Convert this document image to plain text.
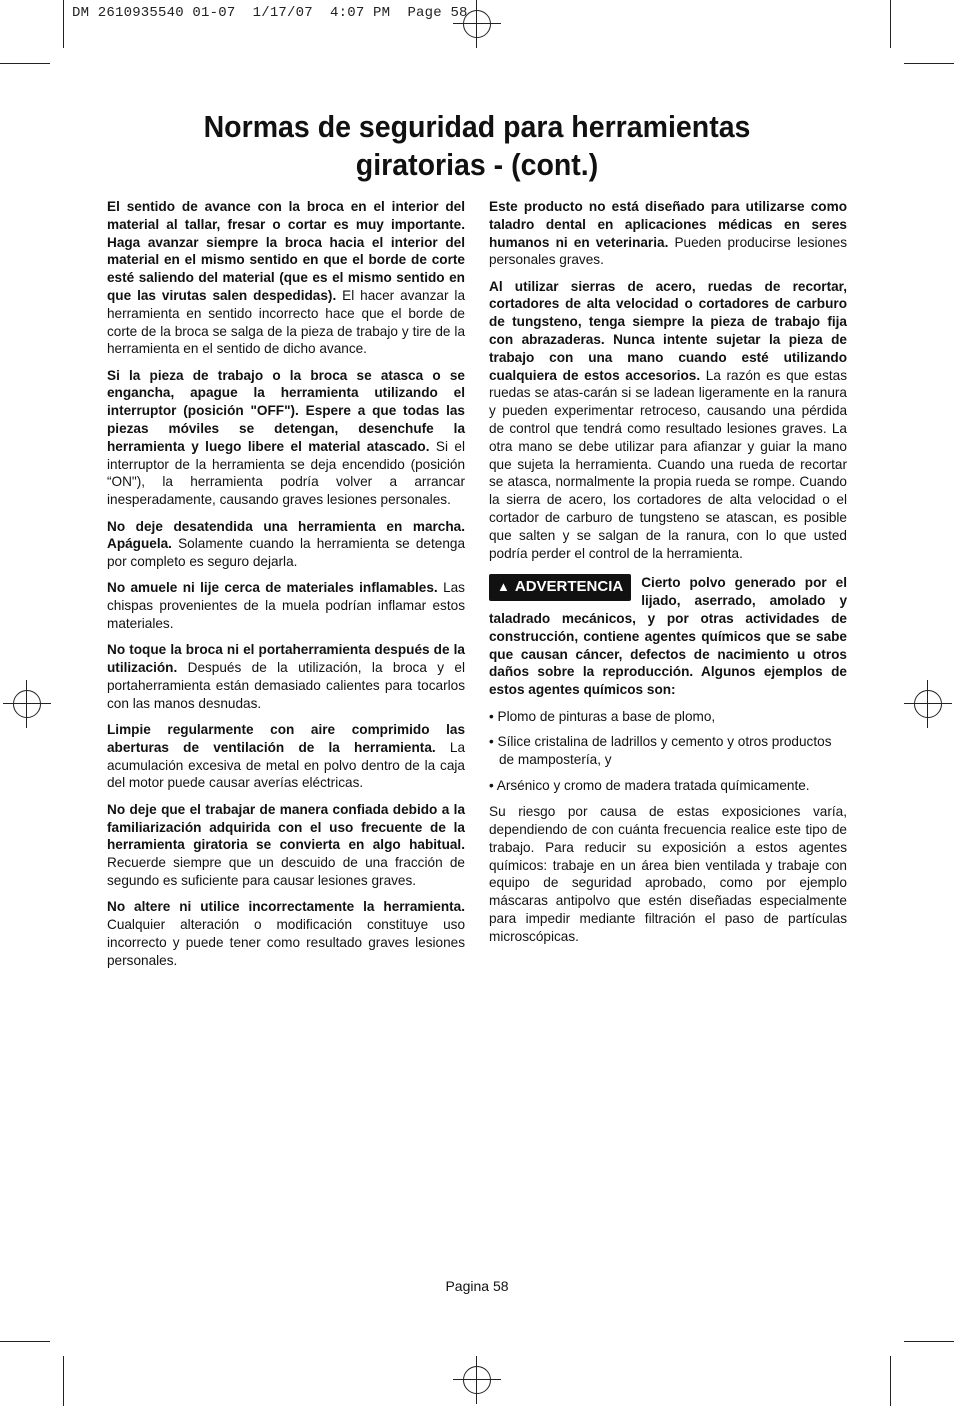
DM 2610935540 01-07  1/17/07  4:07 PM  Page 58
Normas de seguridad para herramientas
giratorias - (cont.)

El sentido de avance con la broca en el interior del material al tallar, fresar o cortar es muy importante. Haga avanzar siempre la broca hacia el interior del material en el mismo sentido en que el borde de corte esté saliendo del material (que es el mismo sentido en que las virutas salen despedidas). El hacer avanzar la herramienta en sentido incorrecto hace que el borde de corte de la broca se salga de la pieza de trabajo y tire de la herramienta en el sentido de dicho avance.

Si la pieza de trabajo o la broca se atasca o se engancha, apague la herramienta utilizando el interruptor (posición "OFF"). Espere a que todas las piezas móviles se detengan, desenchufe la herramienta y luego libere el material atascado. Si el interruptor de la herramienta se deja encendido (posición “ON"), la herramienta podría volver a arrancar inesperadamente, causando graves lesiones personales.

No deje desatendida una herramienta en marcha. Apáguela. Solamente cuando la herramienta se detenga por completo es seguro dejarla.

No amuele ni lije cerca de materiales inflamables. Las chispas provenientes de la muela podrían inflamar estos materiales.

No toque la broca ni el portaherramienta después de la utilización. Después de la utilización, la broca y el portaherramienta están demasiado calientes para tocarlos con las manos desnudas.

Limpie regularmente con aire comprimido las aberturas de ventilación de la herramienta. La acumulación excesiva de metal en polvo dentro de la caja del motor puede causar averías eléctricas.

No deje que el trabajar de manera confiada debido a la familiarización adquirida con el uso frecuente de la herramienta giratoria se convierta en algo habitual. Recuerde siempre que un descuido de una fracción de segundo es suficiente para causar lesiones graves.

No altere ni utilice incorrectamente la herramienta. Cualquier alteración o modificación constituye uso incorrecto y puede tener como resultado graves lesiones personales.

Este producto no está diseñado para utilizarse como taladro dental en aplicaciones médicas en seres humanos ni en veterinaria. Pueden producirse lesiones personales graves.

Al utilizar sierras de acero, ruedas de recortar, cortadores de alta velocidad o cortadores de carburo de tungsteno, tenga siempre la pieza de trabajo fija con abrazaderas. Nunca intente sujetar la pieza de trabajo con una mano cuando esté utilizando cualquiera de estos accesorios. La razón es que estas ruedas se atas-carán si se ladean ligeramente en la ranura y pueden experimentar retroceso, causando una pérdida de control que tendrá como resultado lesiones graves. La otra mano se debe utilizar para afianzar y guiar la mano que sujeta la herramienta. Cuando una rueda de recortar se atasca, normalmente la propia rueda se rompe. Cuando la sierra de acero, los cortadores de alta velocidad o el cortador de carburo de tungsteno se atascan, es posible que salten y se salgan de la ranura, con lo que usted podría perder el control de la herramienta.

▲ ADVERTENCIA	Cierto polvo generado por el lijado, aserrado, amolado y taladrado mecánicos, y por otras actividades de construcción, contiene agentes químicos que se sabe que causan cáncer, defectos de nacimiento u otros daños sobre la reproducción. Algunos ejemplos de estos agentes químicos son:

• Plomo de pinturas a base de plomo,
• Sílice cristalina de ladrillos y cemento y otros productos de mampostería, y
• Arsénico y cromo de madera tratada químicamente.

Su riesgo por causa de estas exposiciones varía, dependiendo de con cuánta frecuencia realice este tipo de trabajo. Para reducir su exposición a estos agentes químicos: trabaje en un área bien ventilada y trabaje con equipo de seguridad aprobado, como por ejemplo máscaras antipolvo que estén diseñadas especialmente para impedir mediante filtración el paso de partículas microscópicas.

Pagina 58
